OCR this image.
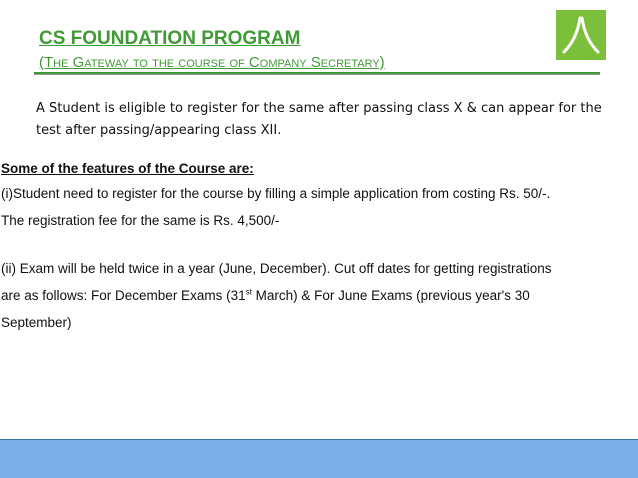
CS FOUNDATION PROGRAM
(The Gateway to the course of Company Secretary)
A Student is eligible to register for the same after passing class X & can appear for the test after passing/appearing class XII.

Some of the features of the Course are:

(i)Student need to register for the course by filling a simple application from costing Rs. 50/-.

The registration fee for the same is Rs. 4,500/-

(ii) Exam will be held twice in a year (June, December). Cut off dates for getting registrations

are as follows: For December Exams (31st March) & For June Exams (previous year's 30

September)
